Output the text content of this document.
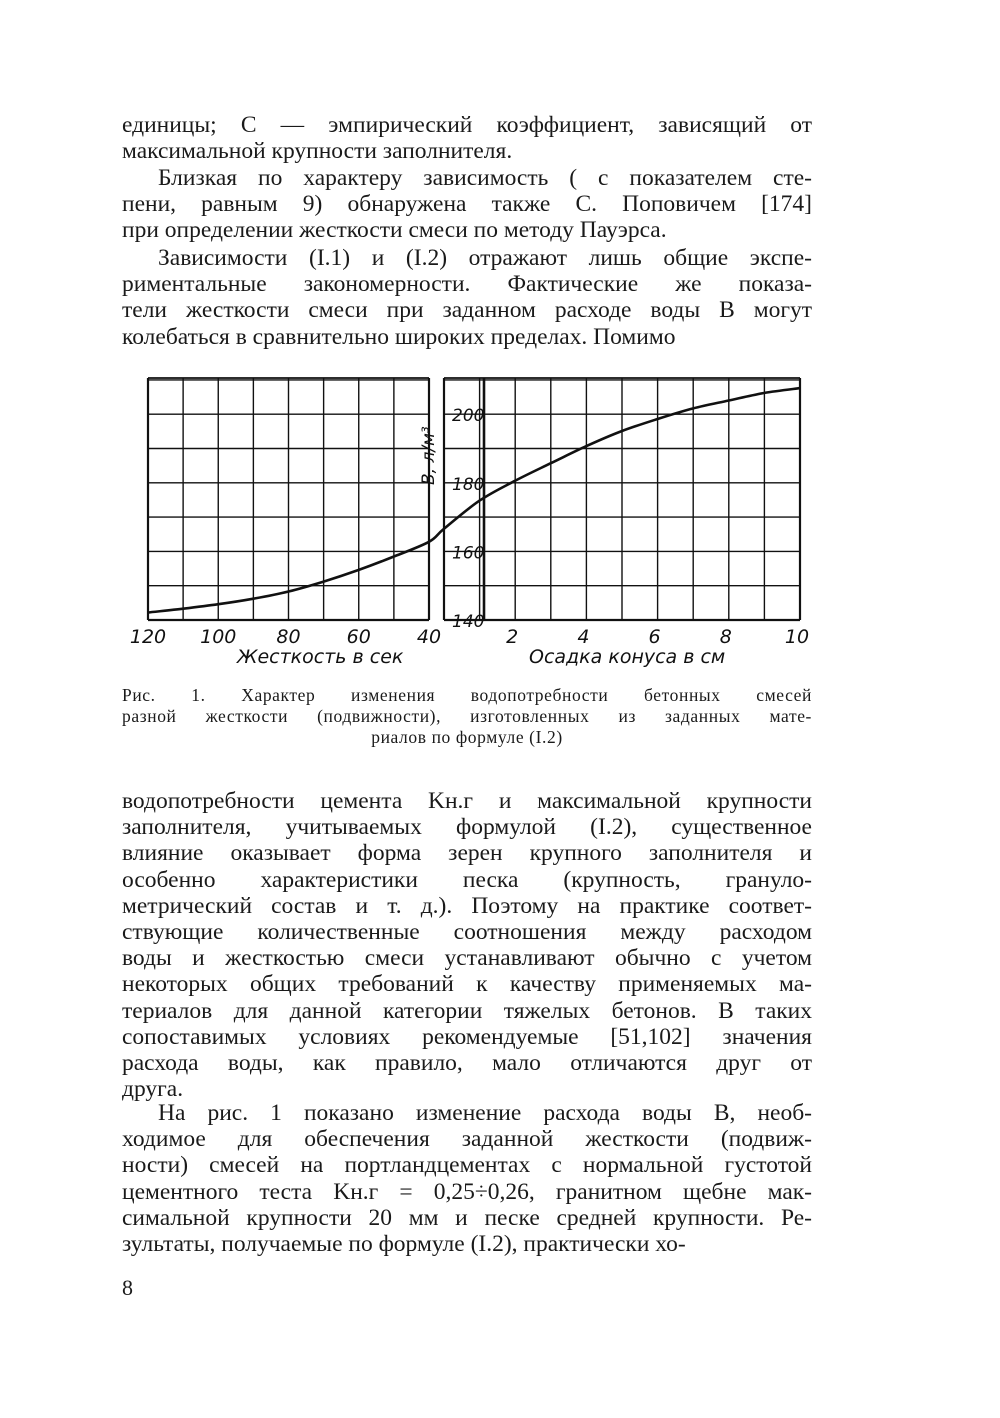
единицы; C — эмпирический коэффициент, зависящий от
максимальной крупности заполнителя.
Близкая по характеру зависимость ( с показателем сте-
пени, равным 9) обнаружена также С. Поповичем [174]
при определении жесткости смеси по методу Пауэрса.
Зависимости (I.1) и (I.2) отражают лишь общие экспе-
риментальные закономерности. Фактические же показа-
тели жесткости смеси при заданном расходе воды B могут
колебаться в сравнительно широких пределах. Помимо
140
160
180
200
120 100 80 60 40	2	4	6	8	10
B, л/м³
Жесткость в сек	Осадка конуса в см
Рис. 1. Характер изменения водопотребности бетонных смесей
разной жесткости (подвижности), изготовленных из заданных мате-
риалов по формуле (I.2)
водопотребности цемента Kн.г и максимальной крупности
заполнителя, учитываемых формулой (I.2), существенное
влияние оказывает форма зерен крупного заполнителя и
особенно характеристики песка (крупность, грануло-
метрический состав и т. д.). Поэтому на практике соответ-
ствующие количественные соотношения между расходом
воды и жесткостью смеси устанавливают обычно с учетом
некоторых общих требований к качеству применяемых ма-
териалов для данной категории тяжелых бетонов. В таких
сопоставимых условиях рекомендуемые [51,102] значения
расхода воды, как правило, мало отличаются друг от
друга.
На рис. 1 показано изменение расхода воды B, необ-
ходимое для обеспечения заданной жесткости (подвиж-
ности) смесей на портландцементах с нормальной густотой
цементного теста Kн.г = 0,25÷0,26, гранитном щебне мак-
симальной крупности 20 мм и песке средней крупности. Ре-
зультаты, получаемые по формуле (I.2), практически хо-
8
